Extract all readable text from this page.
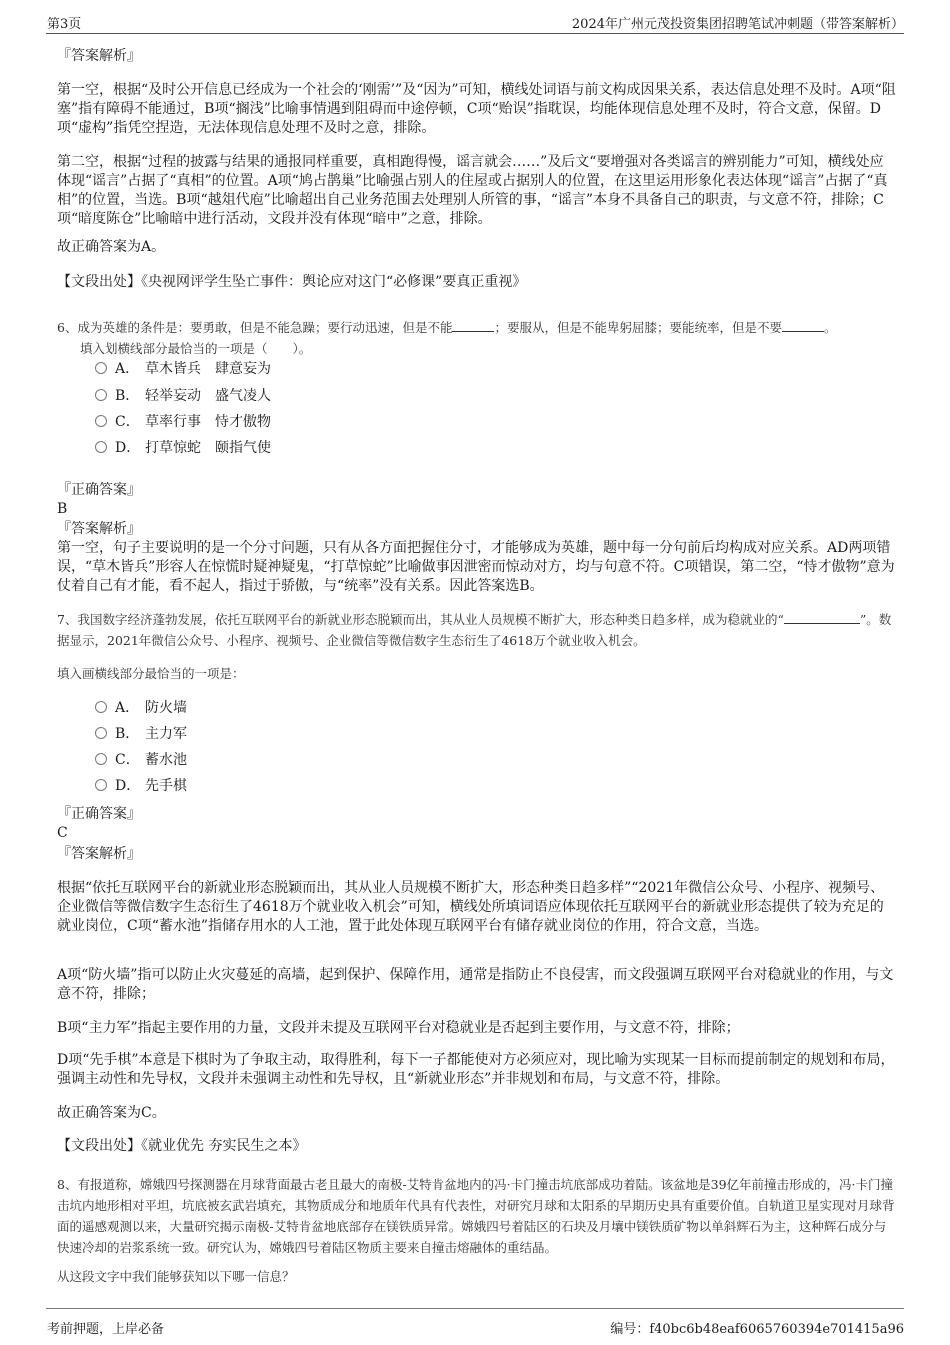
第3页	2024年广州元茂投资集团招聘笔试冲刺题（带答案解析）

『答案解析』

第一空，根据“及时公开信息已经成为一个社会的‘刚需’”及“因为”可知，横线处词语与前文构成因果关系，表达信息处理不及时。A项“阻塞”指有障碍不能通过，B项“搁浅”比喻事情遇到阻碍而中途停顿，C项“贻误”指耽误，均能体现信息处理不及时，符合文意，保留。D项“虚构”指凭空捏造，无法体现信息处理不及时之意，排除。

第二空，根据“过程的披露与结果的通报同样重要，真相跑得慢，谣言就会……”及后文“要增强对各类谣言的辨别能力”可知，横线处应体现“谣言”占据了“真相”的位置。A项“鸠占鹊巢”比喻强占别人的住屋或占据别人的位置，在这里运用形象化表达体现“谣言”占据了“真相”的位置，当选。B项“越俎代庖”比喻超出自己业务范围去处理别人所管的事，“谣言”本身不具备自己的职责，与文意不符，排除；C项“暗度陈仓”比喻暗中进行活动，文段并没有体现“暗中”之意，排除。

故正确答案为A。

【文段出处】《央视网评学生坠亡事件：舆论应对这门“必修课”要真正重视》

6、成为英雄的条件是：要勇敢，但是不能急躁；要行动迅速，但是不能	；要服从，但是不能卑躬屈膝；要能统率，但是不要	。

填入划横线部分最恰当的一项是（　　）。

A． 草木皆兵　肆意妄为
B． 轻举妄动　盛气凌人
C． 草率行事　恃才傲物
D． 打草惊蛇　颐指气使

『正确答案』

B

『答案解析』

第一空，句子主要说明的是一个分寸问题，只有从各方面把握住分寸，才能够成为英雄，题中每一分句前后均构成对应关系。AD两项错误，“草木皆兵”形容人在惊慌时疑神疑鬼，“打草惊蛇”比喻做事因泄密而惊动对方，均与句意不符。C项错误，第二空，“恃才傲物”意为仗着自己有才能，看不起人，指过于骄傲，与“统率”没有关系。因此答案选B。

7、我国数字经济蓬勃发展，依托互联网平台的新就业形态脱颖而出，其从业人员规模不断扩大，形态种类日趋多样，成为稳就业的“	”。数据显示，2021年微信公众号、小程序、视频号、企业微信等微信数字生态衍生了4618万个就业收入机会。

填入画横线部分最恰当的一项是：

A． 防火墙
B． 主力军
C． 蓄水池
D． 先手棋

『正确答案』

C

『答案解析』

根据“依托互联网平台的新就业形态脱颖而出，其从业人员规模不断扩大，形态种类日趋多样”“2021年微信公众号、小程序、视频号、企业微信等微信数字生态衍生了4618万个就业收入机会”可知，横线处所填词语应体现依托互联网平台的新就业形态提供了较为充足的就业岗位，C项“蓄水池”指储存用水的人工池，置于此处体现互联网平台有储存就业岗位的作用，符合文意，当选。

A项“防火墙”指可以防止火灾蔓延的高墙，起到保护、保障作用，通常是指防止不良侵害，而文段强调互联网平台对稳就业的作用，与文意不符，排除；

B项“主力军”指起主要作用的力量，文段并未提及互联网平台对稳就业是否起到主要作用，与文意不符，排除；

D项“先手棋”本意是下棋时为了争取主动，取得胜利，每下一子都能使对方必须应对，现比喻为实现某一目标而提前制定的规划和布局，强调主动性和先导权，文段并未强调主动性和先导权，且“新就业形态”并非规划和布局，与文意不符，排除。

故正确答案为C。

【文段出处】《就业优先 夯实民生之本》

8、有报道称，嫦娥四号探测器在月球背面最古老且最大的南极-艾特肯盆地内的冯·卡门撞击坑底部成功着陆。该盆地是39亿年前撞击形成的，冯·卡门撞击坑内地形相对平坦，坑底被玄武岩填充，其物质成分和地质年代具有代表性，对研究月球和太阳系的早期历史具有重要价值。自轨道卫星实现对月球背面的遥感观测以来，大量研究揭示南极-艾特肯盆地底部存在镁铁质异常。嫦娥四号着陆区的石块及月壤中镁铁质矿物以单斜辉石为主，这种辉石成分与快速冷却的岩浆系统一致。研究认为，嫦娥四号着陆区物质主要来自撞击熔融体的重结晶。

从这段文字中我们能够获知以下哪一信息？

考前押题，上岸必备	编号：f40bc6b48eaf6065760394e701415a96
